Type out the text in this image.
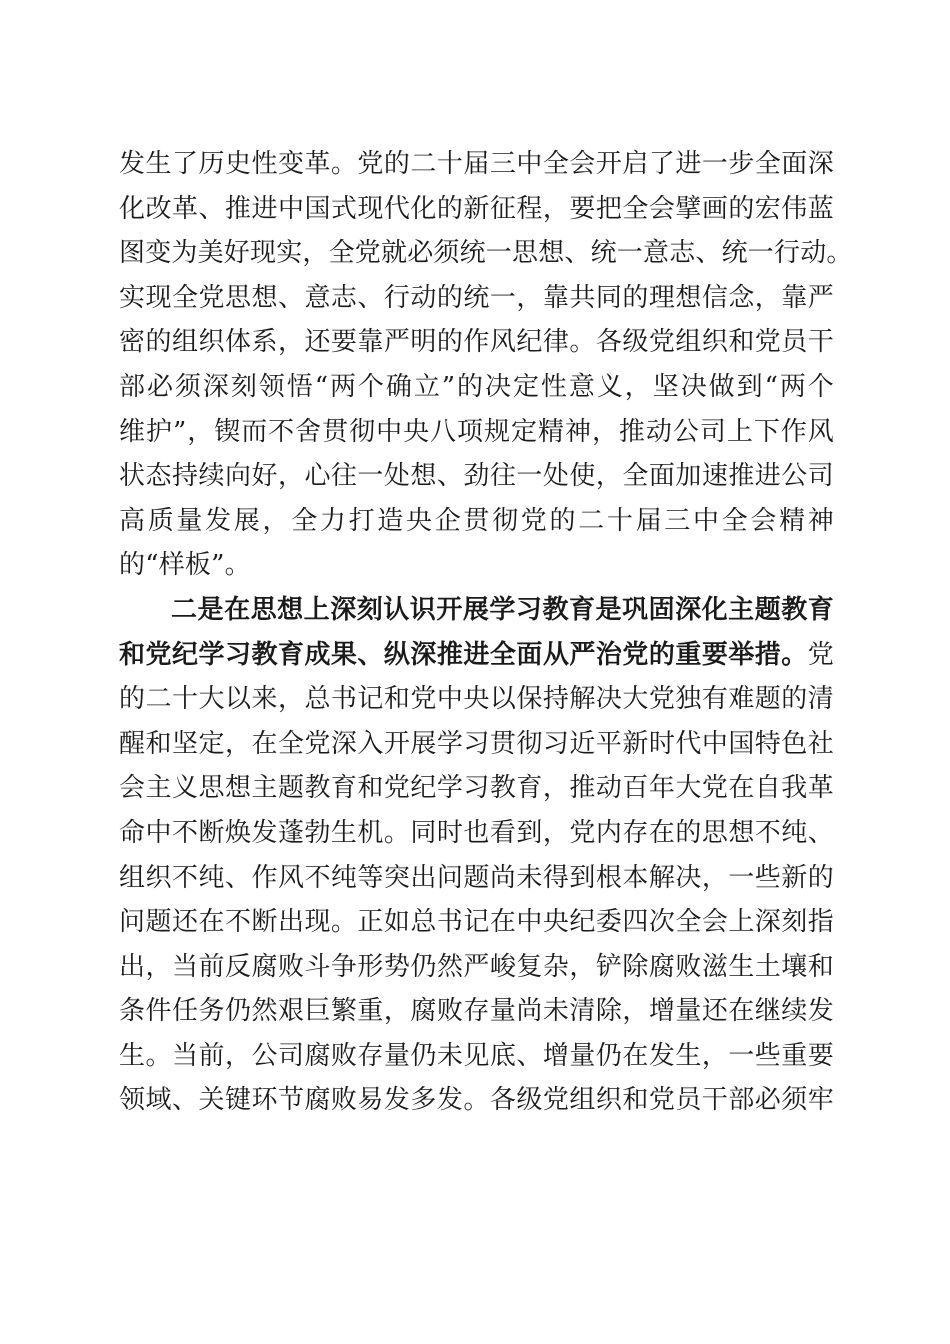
发生了历史性变革。党的二十届三中全会开启了进一步全面深
化改革、推进中国式现代化的新征程，要把全会擘画的宏伟蓝
图变为美好现实，全党就必须统一思想、统一意志、统一行动。
实现全党思想、意志、行动的统一，靠共同的理想信念，靠严
密的组织体系，还要靠严明的作风纪律。各级党组织和党员干
部必须深刻领悟“两个确立”的决定性意义，坚决做到“两个
维护”，锲而不舍贯彻中央八项规定精神，推动公司上下作风
状态持续向好，心往一处想、劲往一处使，全面加速推进公司
高质量发展，全力打造央企贯彻党的二十届三中全会精神
的“样板”。
二是在思想上深刻认识开展学习教育是巩固深化主题教育
和党纪学习教育成果、纵深推进全面从严治党的重要举措。党
的二十大以来，总书记和党中央以保持解决大党独有难题的清
醒和坚定，在全党深入开展学习贯彻习近平新时代中国特色社
会主义思想主题教育和党纪学习教育，推动百年大党在自我革
命中不断焕发蓬勃生机。同时也看到，党内存在的思想不纯、
组织不纯、作风不纯等突出问题尚未得到根本解决，一些新的
问题还在不断出现。正如总书记在中央纪委四次全会上深刻指
出，当前反腐败斗争形势仍然严峻复杂，铲除腐败滋生土壤和
条件任务仍然艰巨繁重，腐败存量尚未清除，增量还在继续发
生。当前，公司腐败存量仍未见底、增量仍在发生，一些重要
领域、关键环节腐败易发多发。各级党组织和党员干部必须牢
